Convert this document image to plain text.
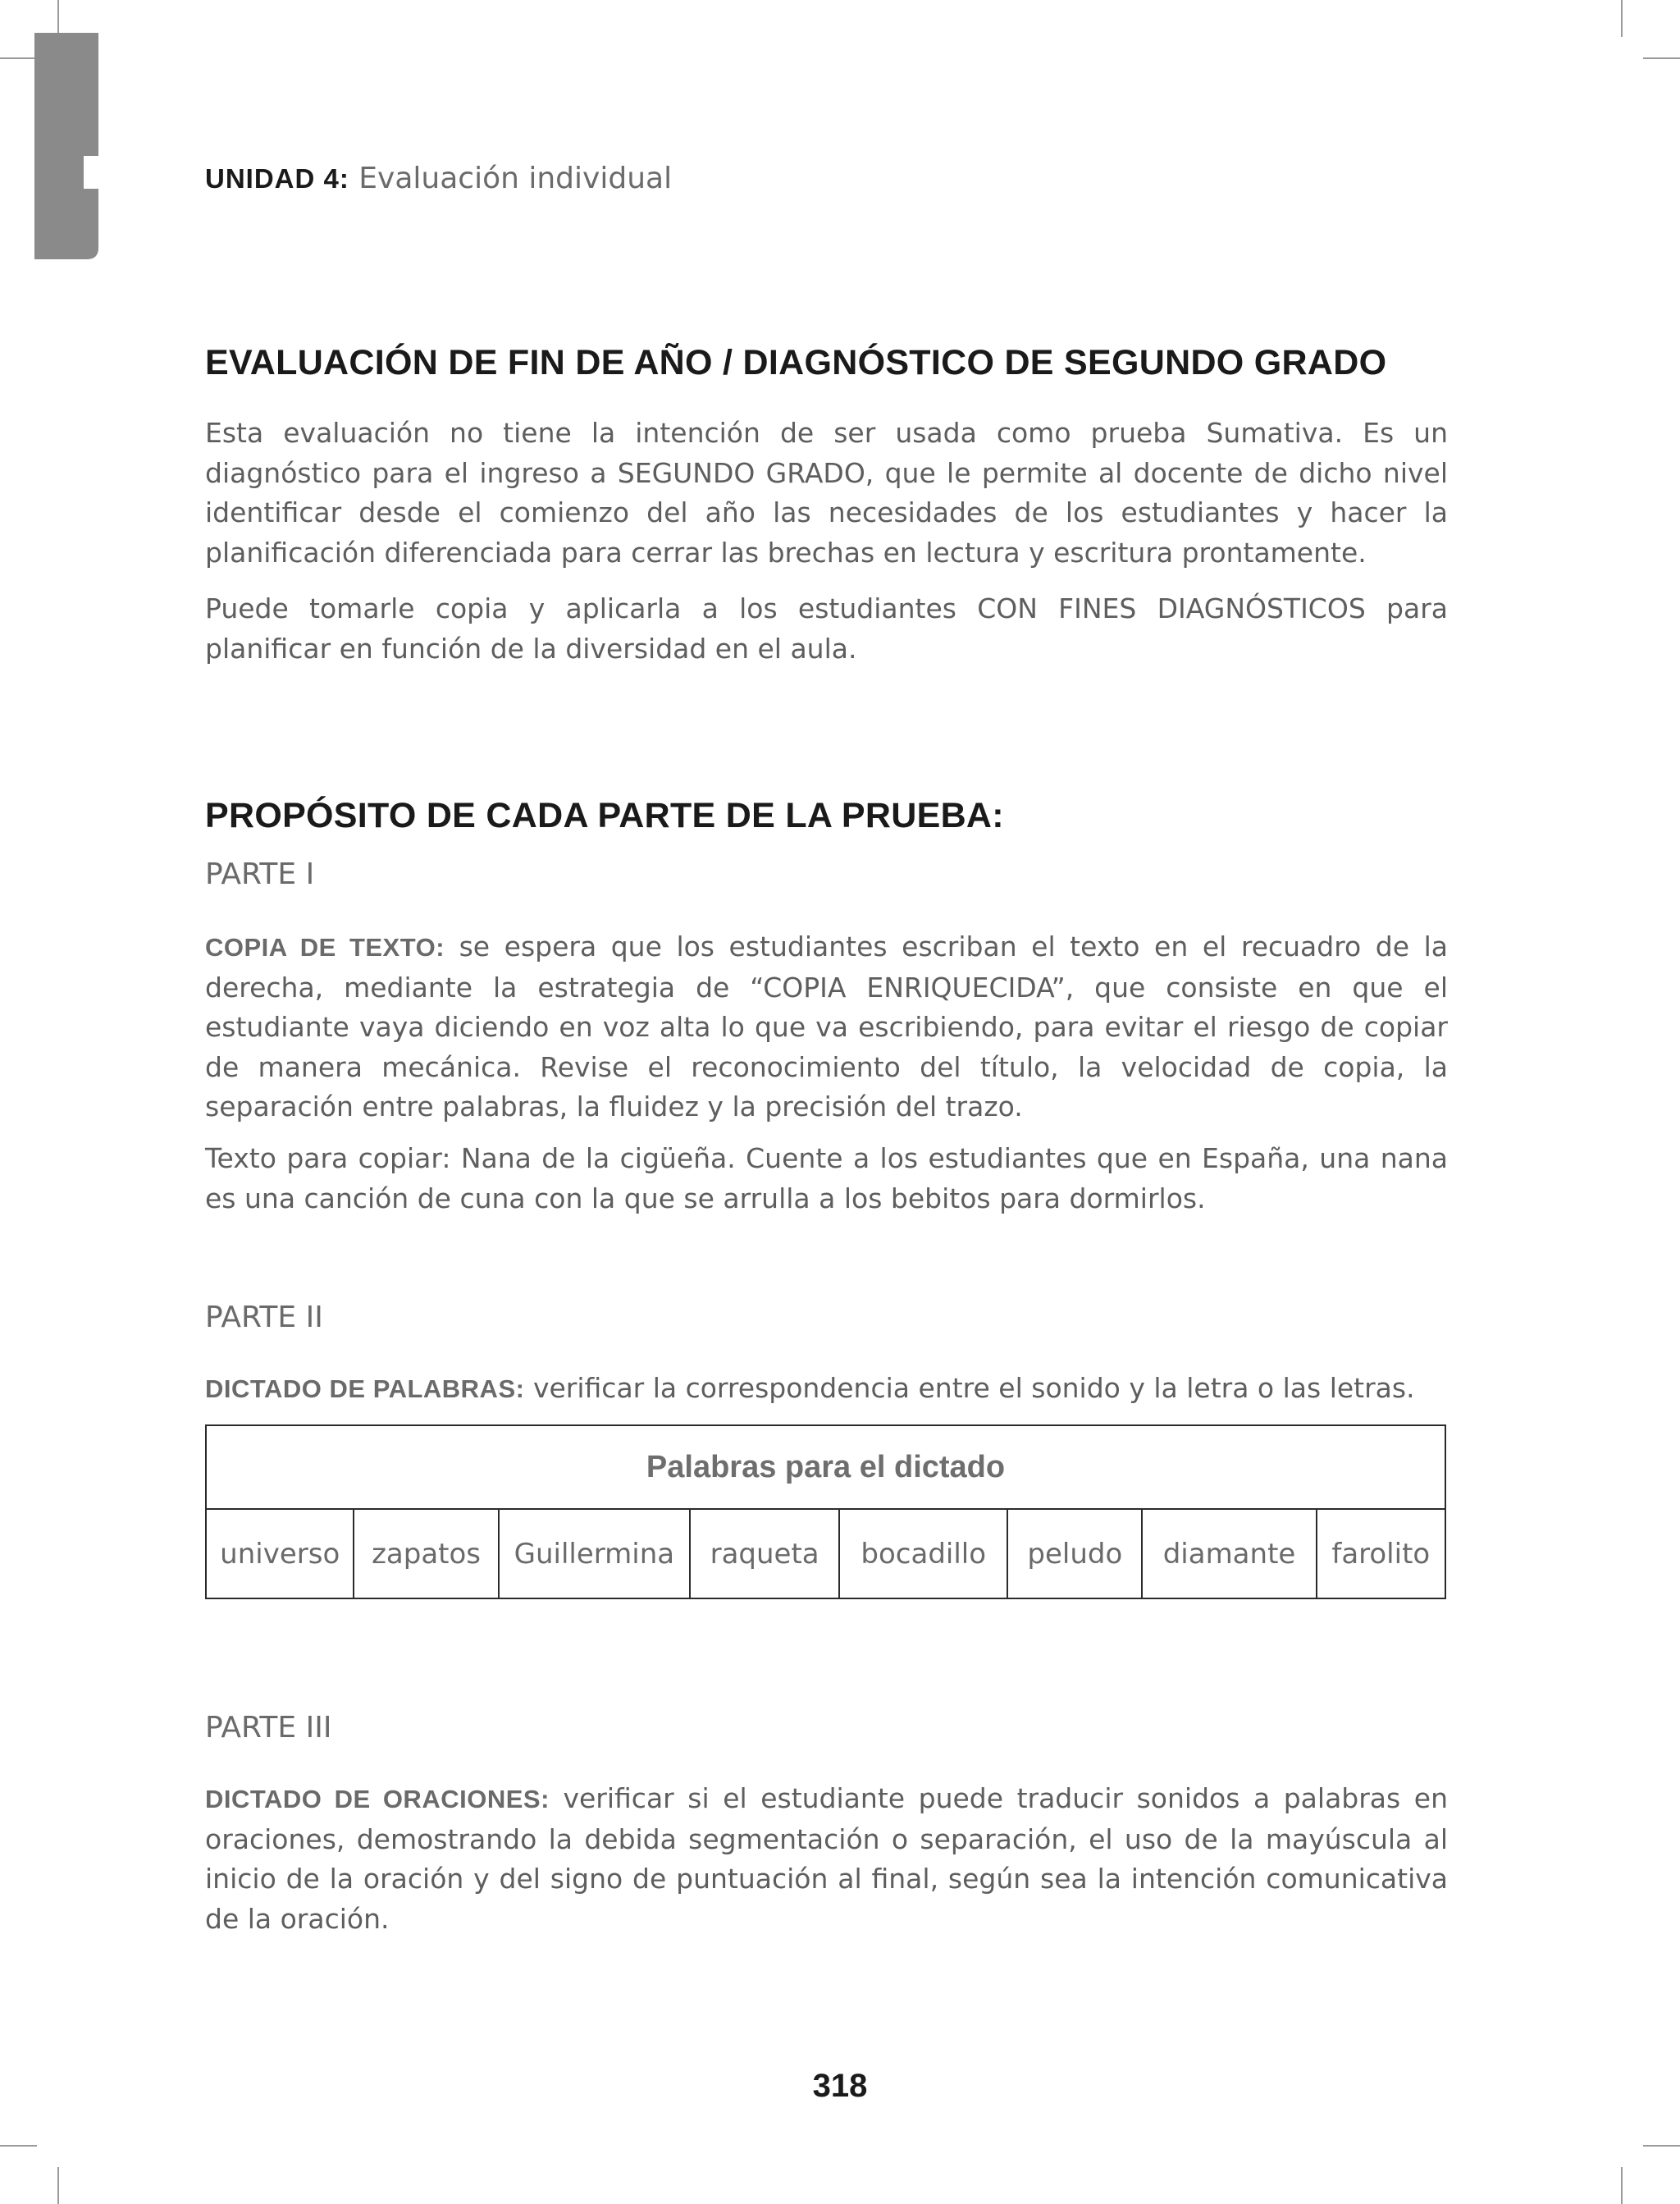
UNIDAD 4: Evaluación individual
EVALUACIÓN DE FIN DE AÑO / DIAGNÓSTICO DE SEGUNDO GRADO

Esta evaluación no tiene la intención de ser usada como prueba Sumativa. Es un diagnóstico para el ingreso a SEGUNDO GRADO, que le permite al docente de dicho nivel identificar desde el comienzo del año las necesidades de los estudiantes y hacer la planificación diferenciada para cerrar las brechas en lectura y escritura prontamente.

Puede tomarle copia y aplicarla a los estudiantes CON FINES DIAGNÓSTICOS para planificar en función de la diversidad en el aula.

PROPÓSITO DE CADA PARTE DE LA PRUEBA:

PARTE I

COPIA DE TEXTO: se espera que los estudiantes escriban el texto en el recuadro de la derecha, mediante la estrategia de “COPIA ENRIQUECIDA”, que consiste en que el estudiante vaya diciendo en voz alta lo que va escribiendo, para evitar el riesgo de copiar de manera mecánica. Revise el reconocimiento del título, la velocidad de copia, la separación entre palabras, la fluidez y la precisión del trazo.

Texto para copiar: Nana de la cigüeña. Cuente a los estudiantes que en España, una nana es una canción de cuna con la que se arrulla a los bebitos para dormirlos.

PARTE II

DICTADO DE PALABRAS: verificar la correspondencia entre el sonido y la letra o las letras.

Palabras para el dictado
universo	zapatos	Guillermina	raqueta	bocadillo	peludo	diamante	farolito

PARTE III

DICTADO DE ORACIONES: verificar si el estudiante puede traducir sonidos a palabras en oraciones, demostrando la debida segmentación o separación, el uso de la mayúscula al inicio de la oración y del signo de puntuación al final, según sea la intención comunicativa de la oración.

318
